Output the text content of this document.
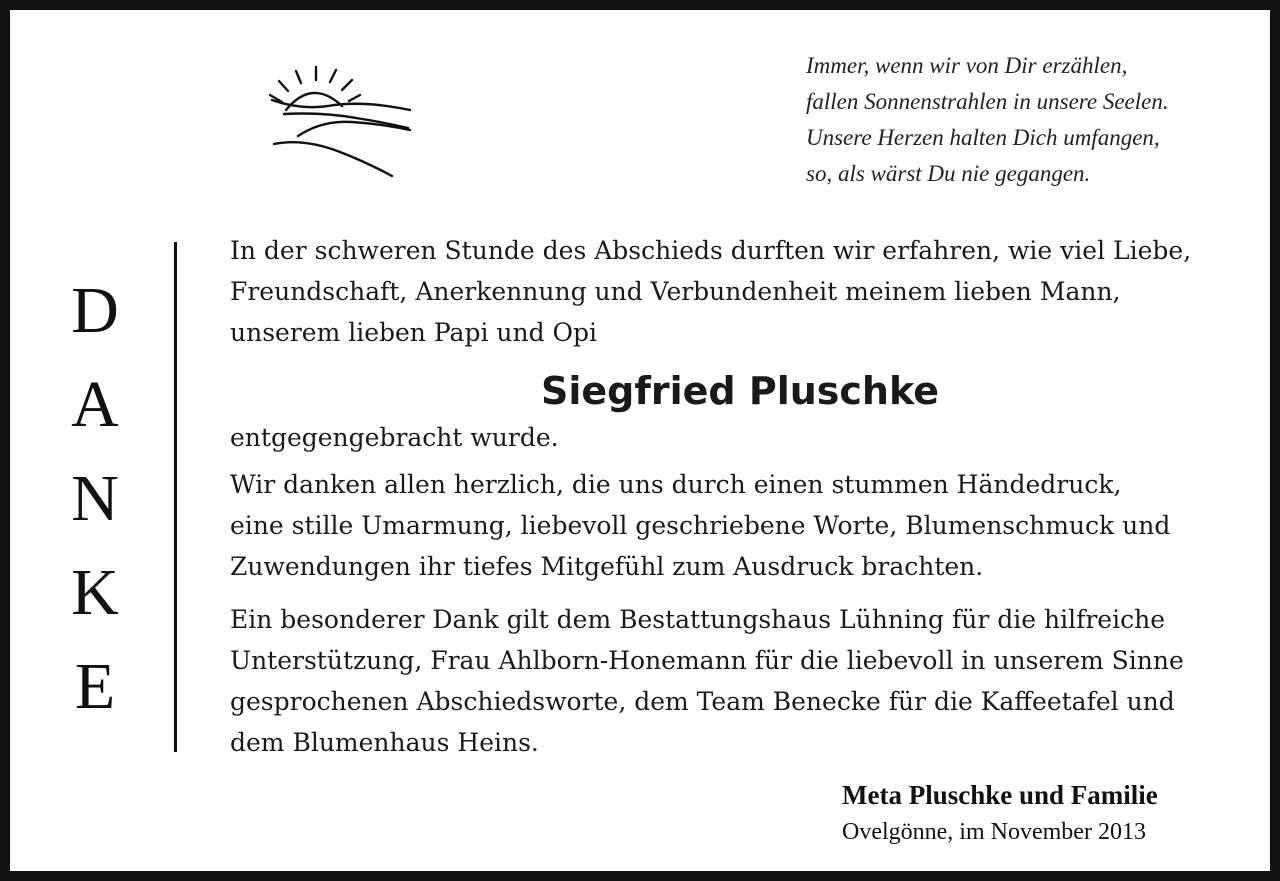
Immer, wenn wir von Dir erzählen,
fallen Sonnenstrahlen in unsere Seelen.
Unsere Herzen halten Dich umfangen,
so, als wärst Du nie gegangen.
D
A
N
K
E
In der schweren Stunde des Abschieds durften wir erfahren, wie viel Liebe,
Freundschaft, Anerkennung und Verbundenheit meinem lieben Mann,
unserem lieben Papi und Opi
Siegfried Pluschke
entgegengebracht wurde.
Wir danken allen herzlich, die uns durch einen stummen Händedruck,
eine stille Umarmung, liebevoll geschriebene Worte, Blumenschmuck und
Zuwendungen ihr tiefes Mitgefühl zum Ausdruck brachten.
Ein besonderer Dank gilt dem Bestattungshaus Lühning für die hilfreiche
Unterstützung, Frau Ahlborn-Honemann für die liebevoll in unserem Sinne
gesprochenen Abschiedsworte, dem Team Benecke für die Kaffeetafel und
dem Blumenhaus Heins.
Meta Pluschke und Familie
Ovelgönne, im November 2013
